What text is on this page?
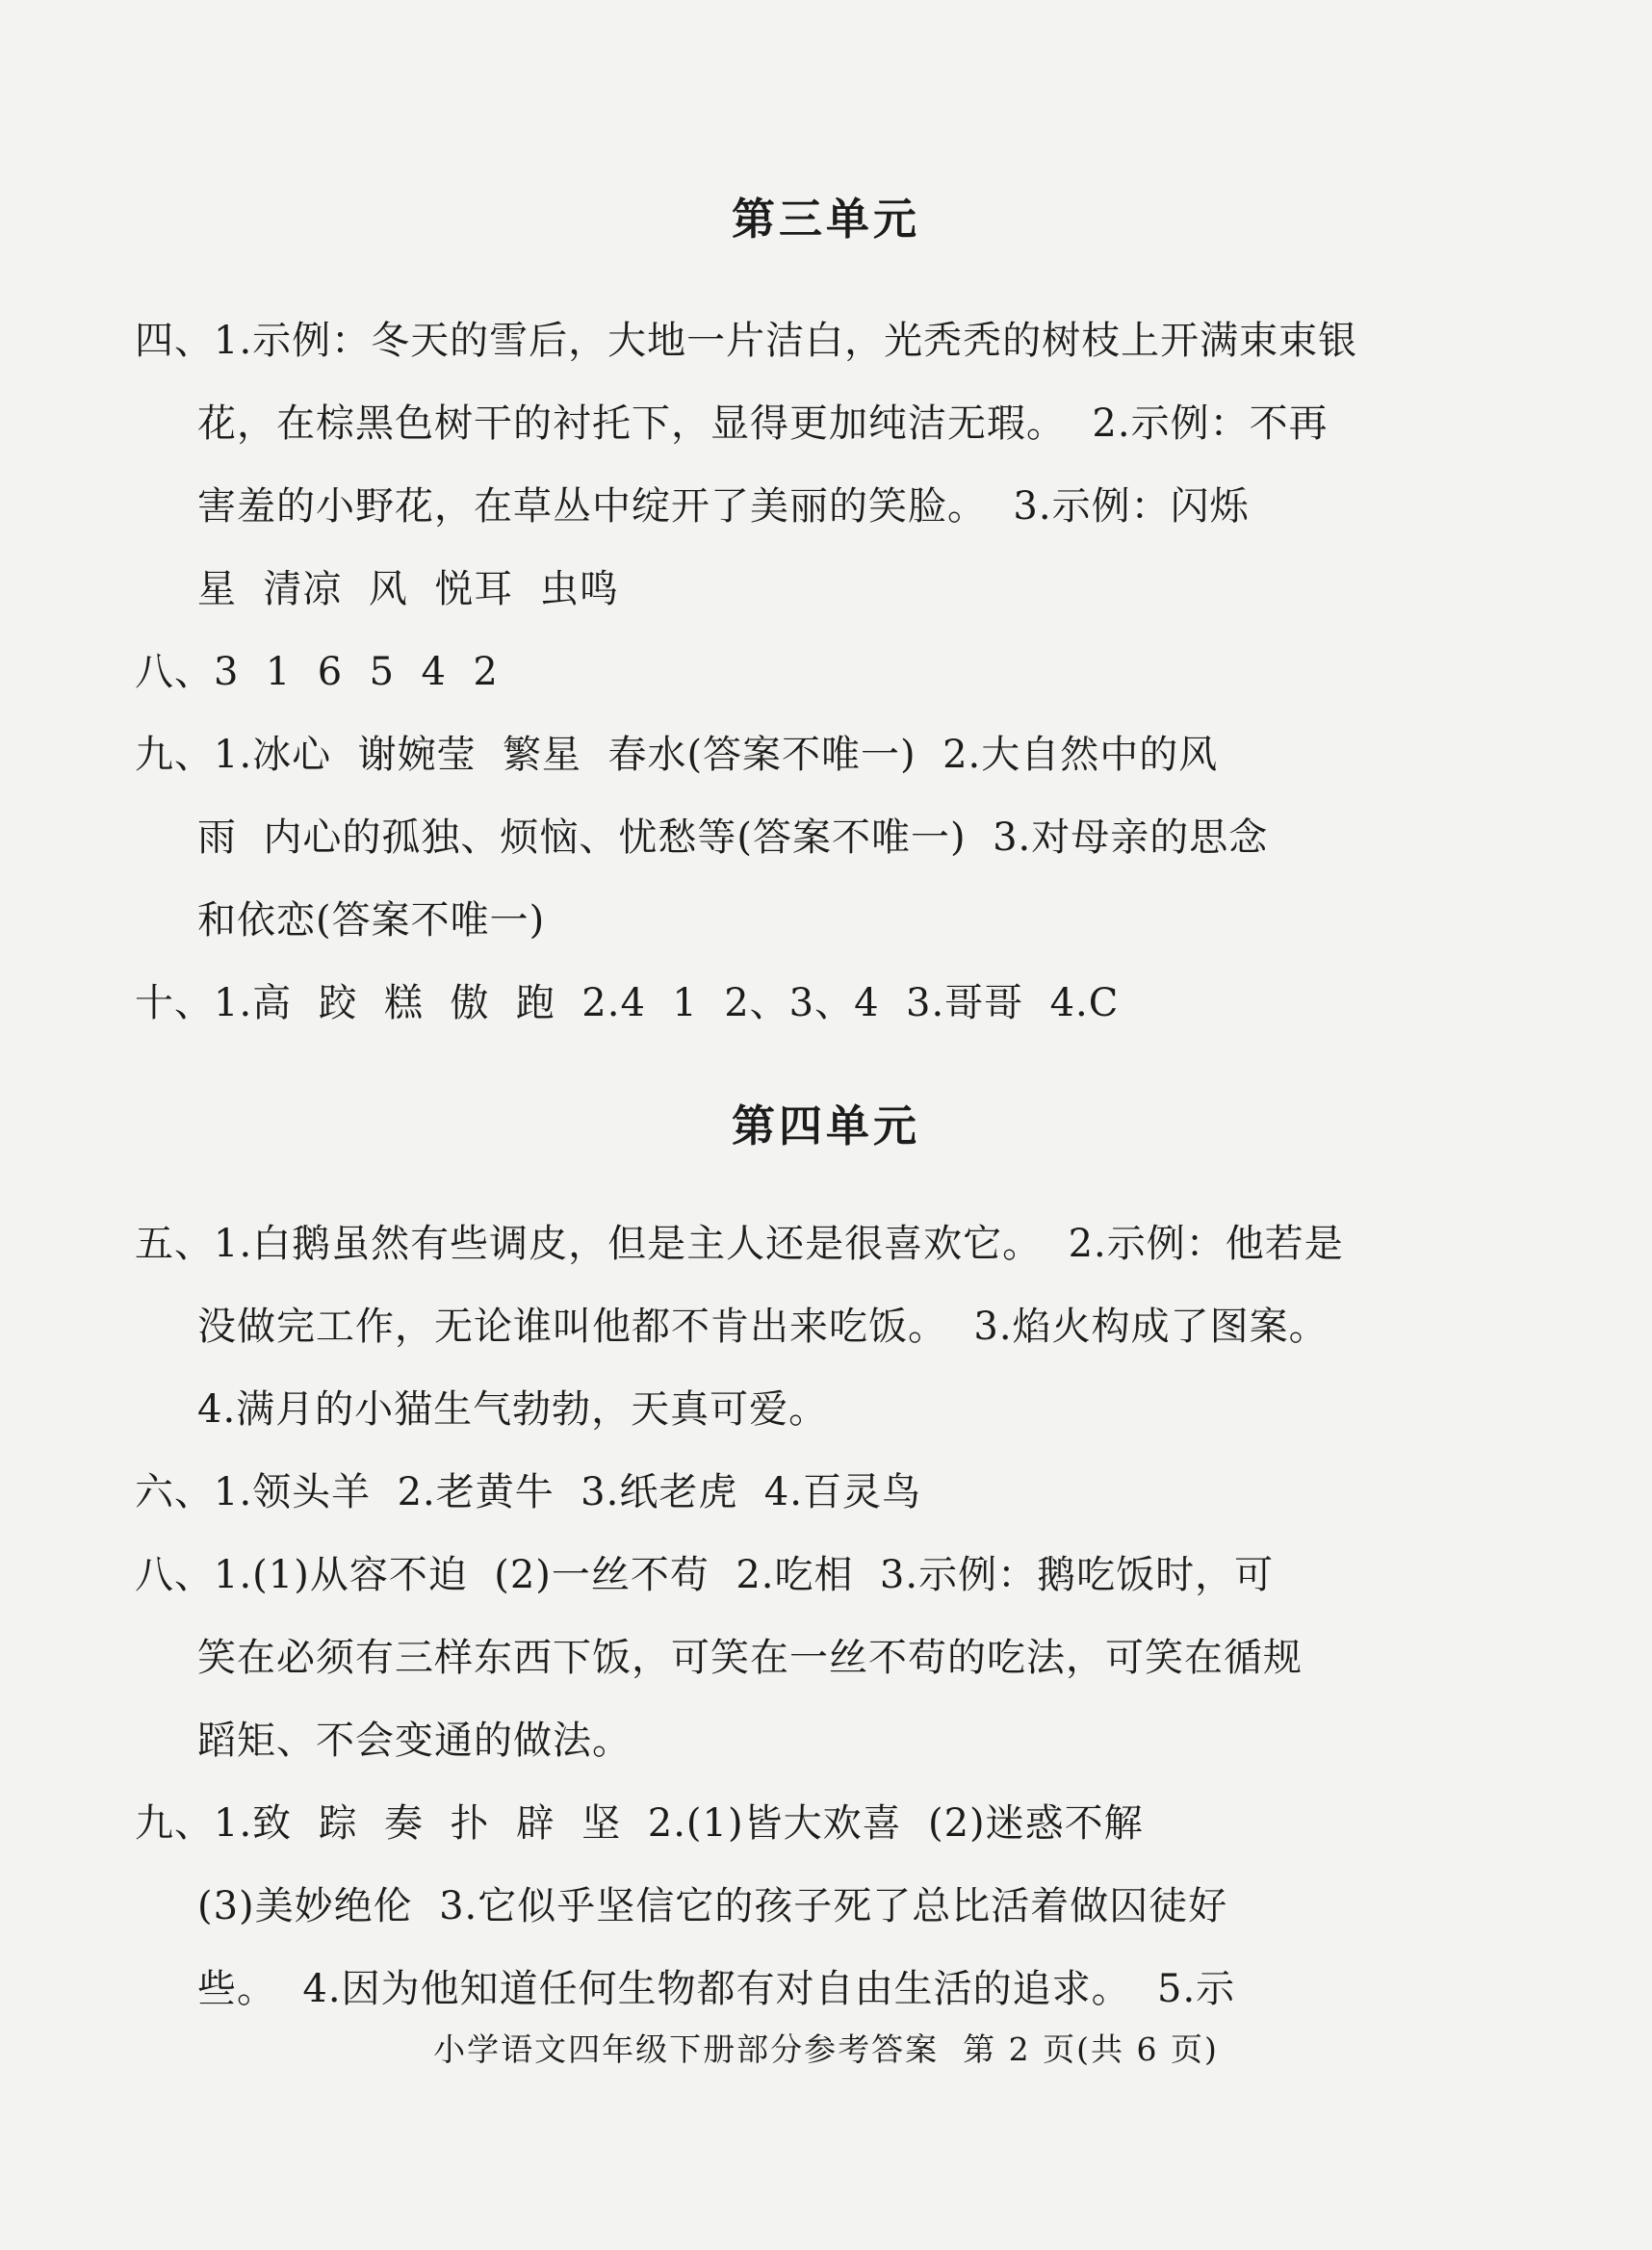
第三单元
四、1.示例：冬天的雪后，大地一片洁白，光秃秃的树枝上开满束束银
花，在棕黑色树干的衬托下，显得更加纯洁无瑕。  2.示例：不再
害羞的小野花，在草丛中绽开了美丽的笑脸。  3.示例：闪烁
星  清凉  风  悦耳  虫鸣
八、3  1  6  5  4  2
九、1.冰心  谢婉莹  繁星  春水(答案不唯一)  2.大自然中的风
雨  内心的孤独、烦恼、忧愁等(答案不唯一)  3.对母亲的思念
和依恋(答案不唯一)
十、1.高  跤  糕  傲  跑  2.4  1  2、3、4  3.哥哥  4.C
第四单元
五、1.白鹅虽然有些调皮，但是主人还是很喜欢它。  2.示例：他若是
没做完工作，无论谁叫他都不肯出来吃饭。  3.焰火构成了图案。
4.满月的小猫生气勃勃，天真可爱。
六、1.领头羊  2.老黄牛  3.纸老虎  4.百灵鸟
八、1.(1)从容不迫  (2)一丝不苟  2.吃相  3.示例：鹅吃饭时，可
笑在必须有三样东西下饭，可笑在一丝不苟的吃法，可笑在循规
蹈矩、不会变通的做法。
九、1.致  踪  奏  扑  辟  坚  2.(1)皆大欢喜  (2)迷惑不解
(3)美妙绝伦  3.它似乎坚信它的孩子死了总比活着做囚徒好
些。  4.因为他知道任何生物都有对自由生活的追求。  5.示
小学语文四年级下册部分参考答案  第 2 页(共 6 页)
